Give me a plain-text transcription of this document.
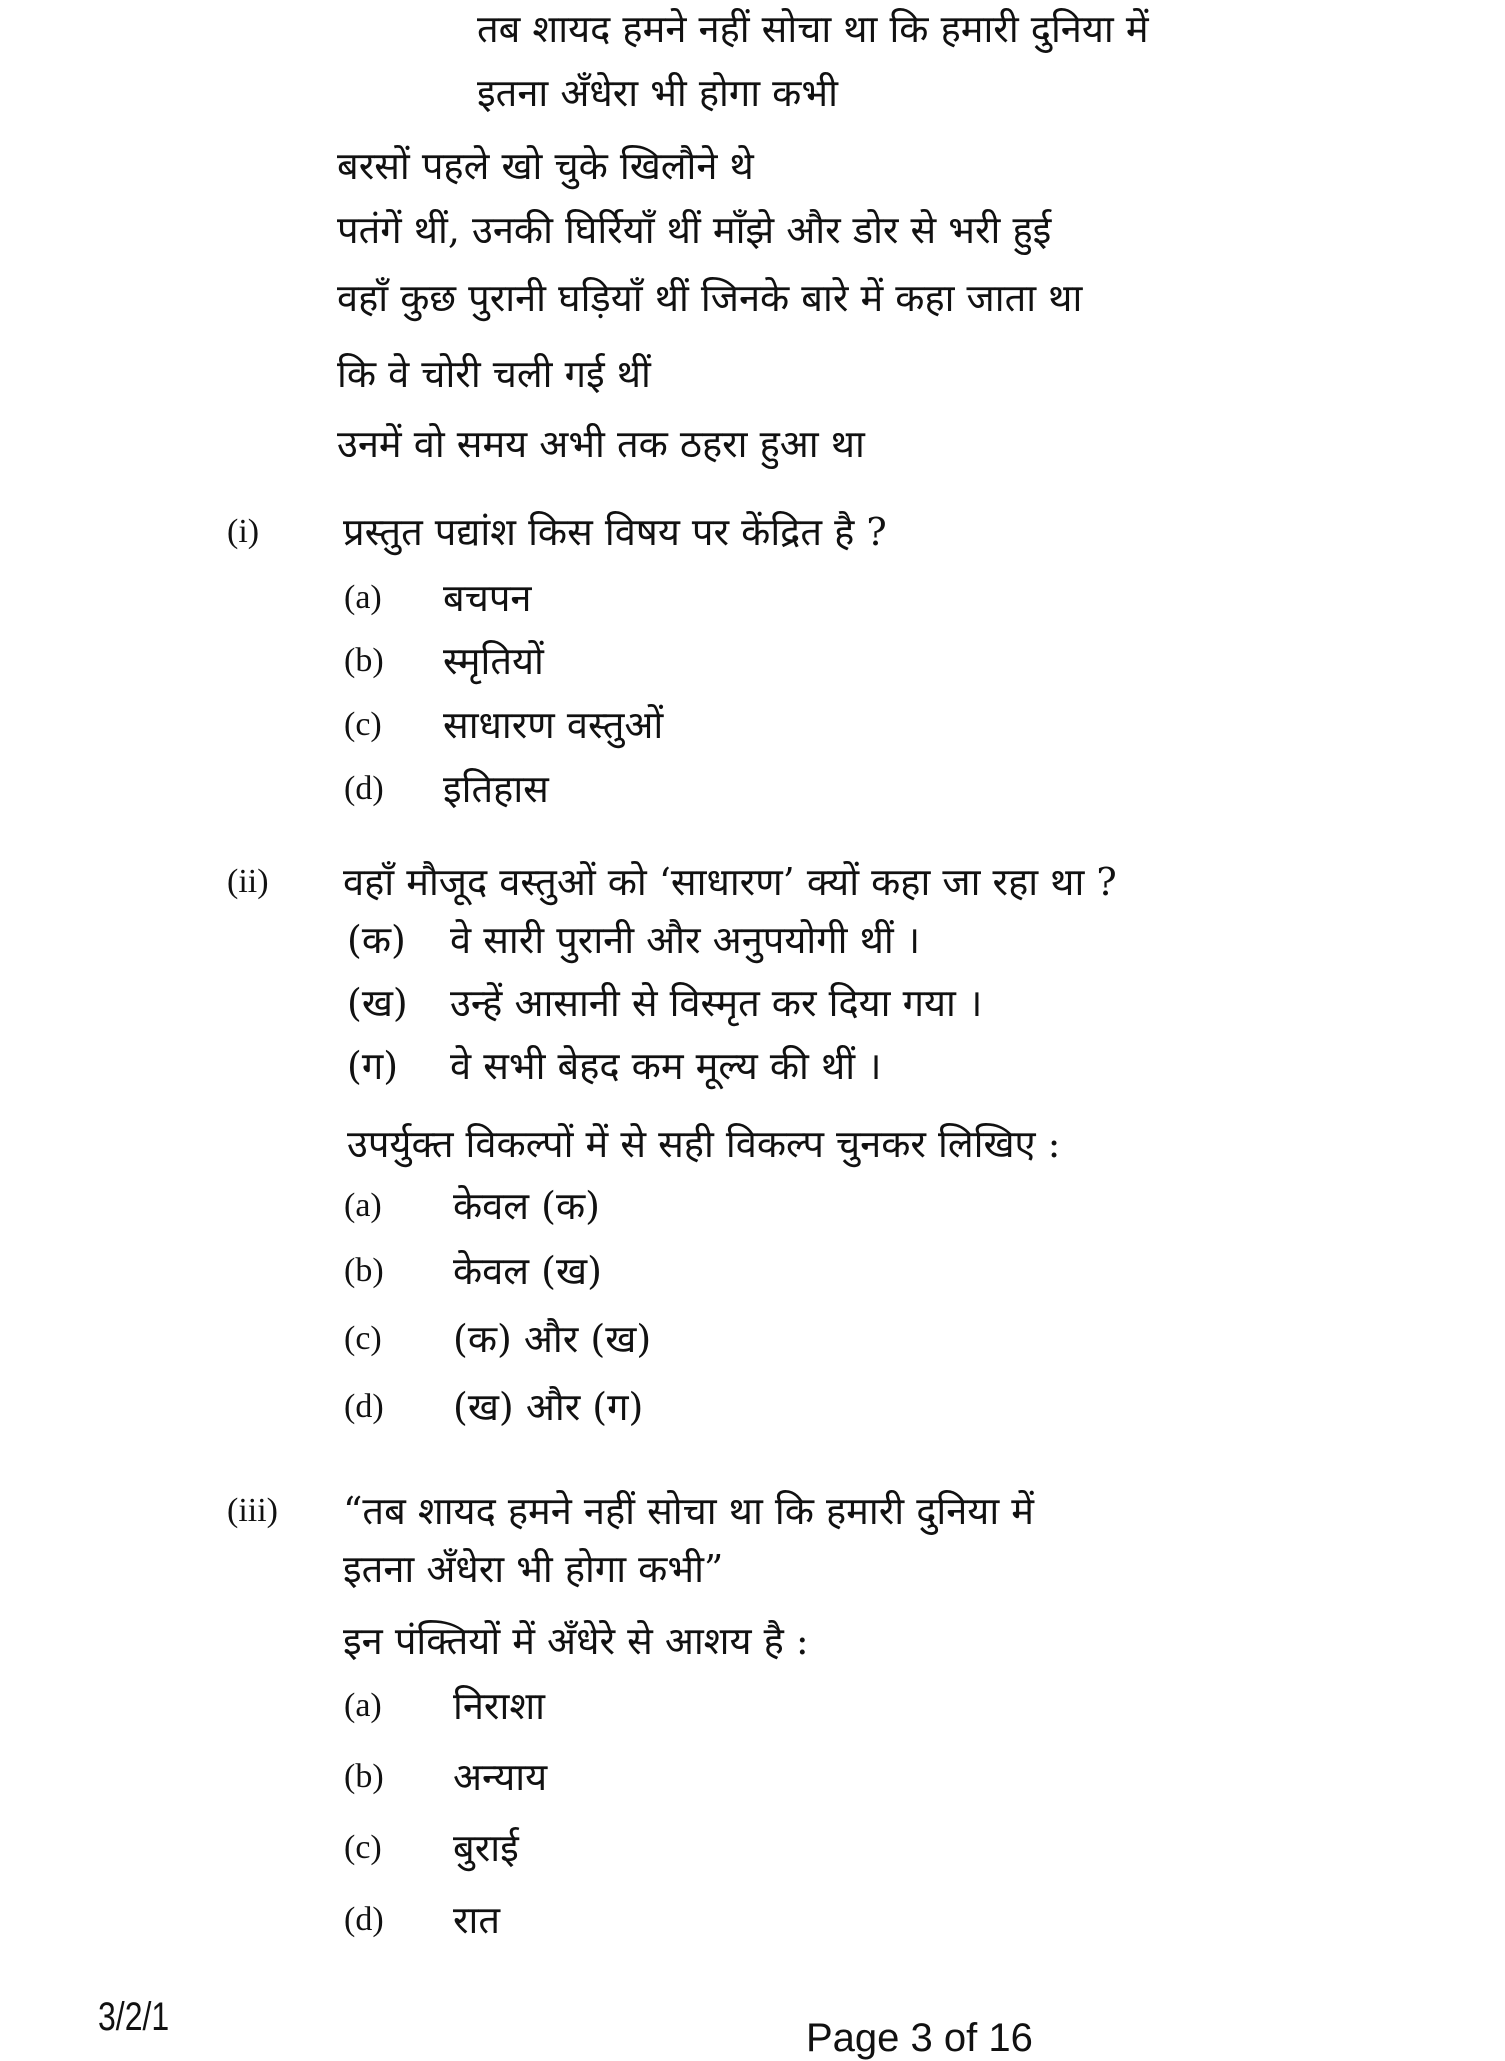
3/2/1	Page 3 of 16
तब शायद हमने नहीं सोचा था कि हमारी दुनिया में
इतना अँधेरा भी होगा कभी
बरसों पहले खो चुके खिलौने थे
पतंगें थीं, उनकी घिर्रियाँ थीं माँझे और डोर से भरी हुई
वहाँ कुछ पुरानी घड़ियाँ थीं जिनके बारे में कहा जाता था
कि वे चोरी चली गई थीं
उनमें वो समय अभी तक ठहरा हुआ था
(i) प्रस्तुत पद्यांश किस विषय पर केंद्रित है ?
(a) बचपन
(b) स्मृतियों
(c) साधारण वस्तुओं
(d) इतिहास
(ii) वहाँ मौजूद वस्तुओं को ‘साधारण’ क्यों कहा जा रहा था ?
(क) वे सारी पुरानी और अनुपयोगी थीं ।
(ख) उन्हें आसानी से विस्मृत कर दिया गया ।
(ग) वे सभी बेहद कम मूल्य की थीं ।
उपर्युक्त विकल्पों में से सही विकल्प चुनकर लिखिए :
(a) केवल (क)
(b) केवल (ख)
(c) (क) और (ख)
(d) (ख) और (ग)
(iii) “तब शायद हमने नहीं सोचा था कि हमारी दुनिया में
इतना अँधेरा भी होगा कभी”
इन पंक्तियों में अँधेरे से आशय है :
(a) निराशा
(b) अन्याय
(c) बुराई
(d) रात
